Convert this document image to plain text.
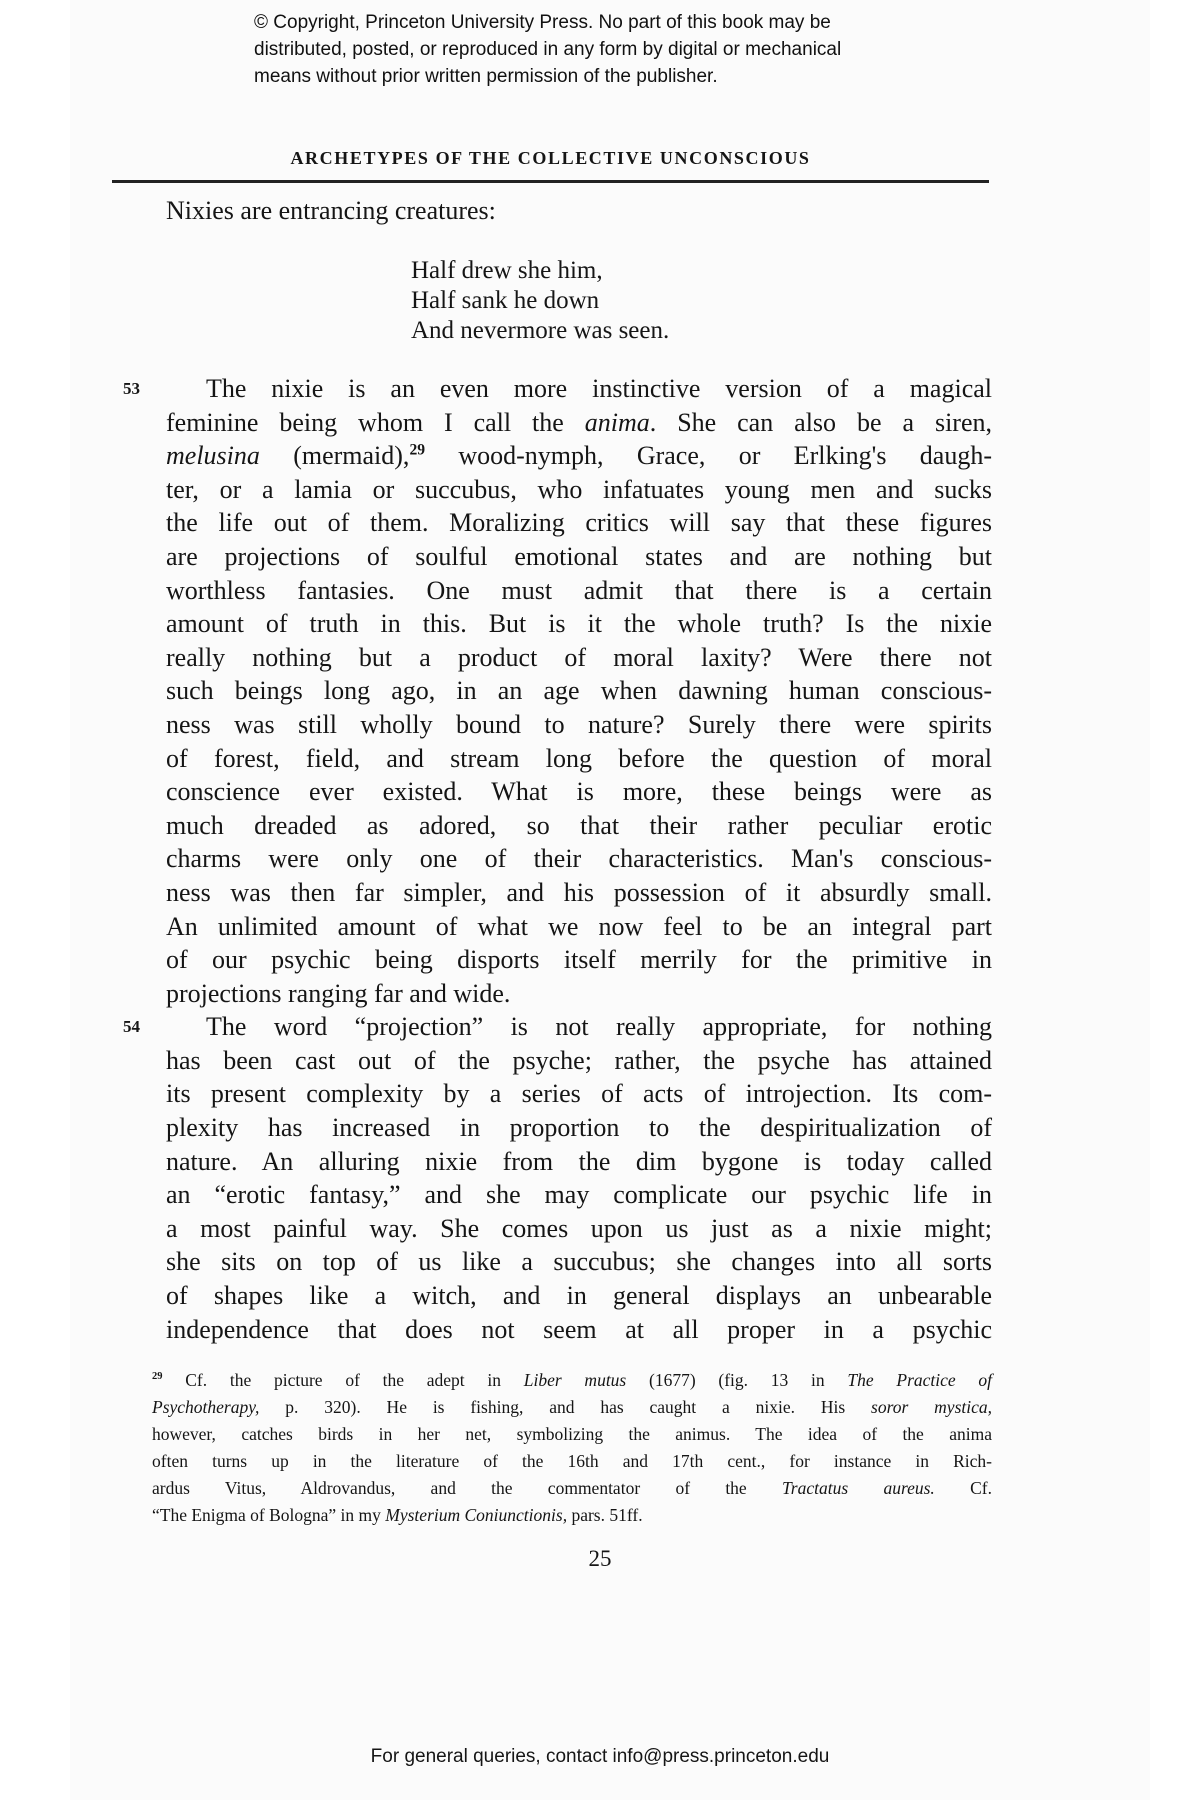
© Copyright, Princeton University Press. No part of this book may be
distributed, posted, or reproduced in any form by digital or mechanical
means without prior written permission of the publisher.
ARCHETYPES OF THE COLLECTIVE UNCONSCIOUS
Nixies are entrancing creatures:
Half drew she him,
Half sank he down
And nevermore was seen.
53	The nixie is an even more instinctive version of a magical
feminine being whom I call the anima. She can also be a siren,
melusina (mermaid),$^{29}$ wood-nymph, Grace, or Erlking's daugh-
ter, or a lamia or succubus, who infatuates young men and sucks
the life out of them. Moralizing critics will say that these figures
are projections of soulful emotional states and are nothing but
worthless fantasies. One must admit that there is a certain
amount of truth in this. But is it the whole truth? Is the nixie
really nothing but a product of moral laxity? Were there not
such beings long ago, in an age when dawning human conscious-
ness was still wholly bound to nature? Surely there were spirits
of forest, field, and stream long before the question of moral
conscience ever existed. What is more, these beings were as
much dreaded as adored, so that their rather peculiar erotic
charms were only one of their characteristics. Man's conscious-
ness was then far simpler, and his possession of it absurdly small.
An unlimited amount of what we now feel to be an integral part
of our psychic being disports itself merrily for the primitive in
projections ranging far and wide.
54	The word “projection” is not really appropriate, for nothing
has been cast out of the psyche; rather, the psyche has attained
its present complexity by a series of acts of introjection. Its com-
plexity has increased in proportion to the despiritualization of
nature. An alluring nixie from the dim bygone is today called
an “erotic fantasy,” and she may complicate our psychic life in
a most painful way. She comes upon us just as a nixie might;
she sits on top of us like a succubus; she changes into all sorts
of shapes like a witch, and in general displays an unbearable
independence that does not seem at all proper in a psychic
$^{29}$ Cf. the picture of the adept in Liber mutus (1677) (fig. 13 in The Practice of
Psychotherapy, p. 320). He is fishing, and has caught a nixie. His soror mystica,
however, catches birds in her net, symbolizing the animus. The idea of the anima
often turns up in the literature of the 16th and 17th cent., for instance in Rich-
ardus Vitus, Aldrovandus, and the commentator of the Tractatus aureus. Cf.
“The Enigma of Bologna” in my Mysterium Coniunctionis, pars. 51ff.
25
For general queries, contact info@press.princeton.edu
